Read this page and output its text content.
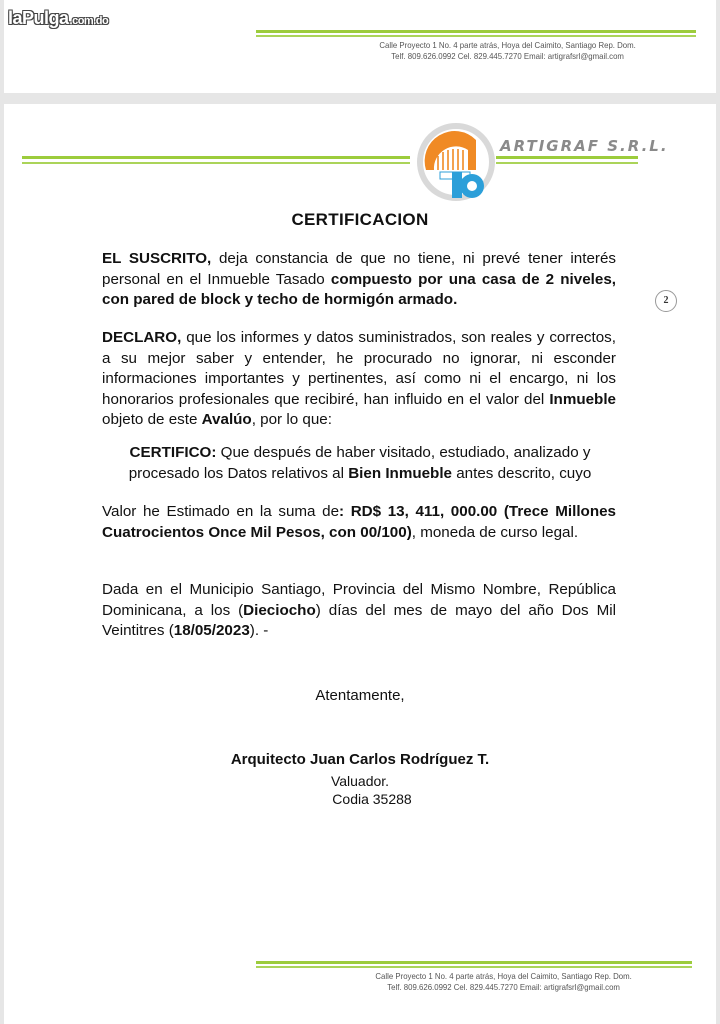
Calle Proyecto 1 No. 4 parte atrás, Hoya del Caimito, Santiago Rep. Dom.
Telf. 809.626.0992 Cel. 829.445.7270 Email: artigrafsrl@gmail.com
laPulga.com.do
ARTIGRAF S.R.L.
2
CERTIFICACION
EL SUSCRITO, deja constancia de que no tiene, ni prevé tener interés personal en el Inmueble Tasado compuesto por una casa de 2 niveles, con pared de block y techo de hormigón armado.
DECLARO, que los informes y datos suministrados, son reales y correctos, a su mejor saber y entender, he procurado no ignorar, ni esconder informaciones importantes y pertinentes, así como ni el encargo, ni los honorarios profesionales que recibiré, han influido en el valor del Inmueble objeto de este Avalúo, por lo que:
CERTIFICO: Que después de haber visitado, estudiado, analizado y procesado los Datos relativos al Bien Inmueble antes descrito, cuyo
Valor he Estimado en la suma de: RD$ 13, 411, 000.00 (Trece Millones Cuatrocientos Once Mil Pesos, con 00/100), moneda de curso legal.
Dada en el Municipio Santiago, Provincia del Mismo Nombre, República Dominicana, a los (Dieciocho) días del mes de mayo del año Dos Mil Veintitres (18/05/2023). -
Atentamente,
Arquitecto Juan Carlos Rodríguez T.
Valuador.
Codia 35288
Calle Proyecto 1 No. 4 parte atrás, Hoya del Caimito, Santiago Rep. Dom.
Telf. 809.626.0992 Cel. 829.445.7270 Email: artigrafsrl@gmail.com
